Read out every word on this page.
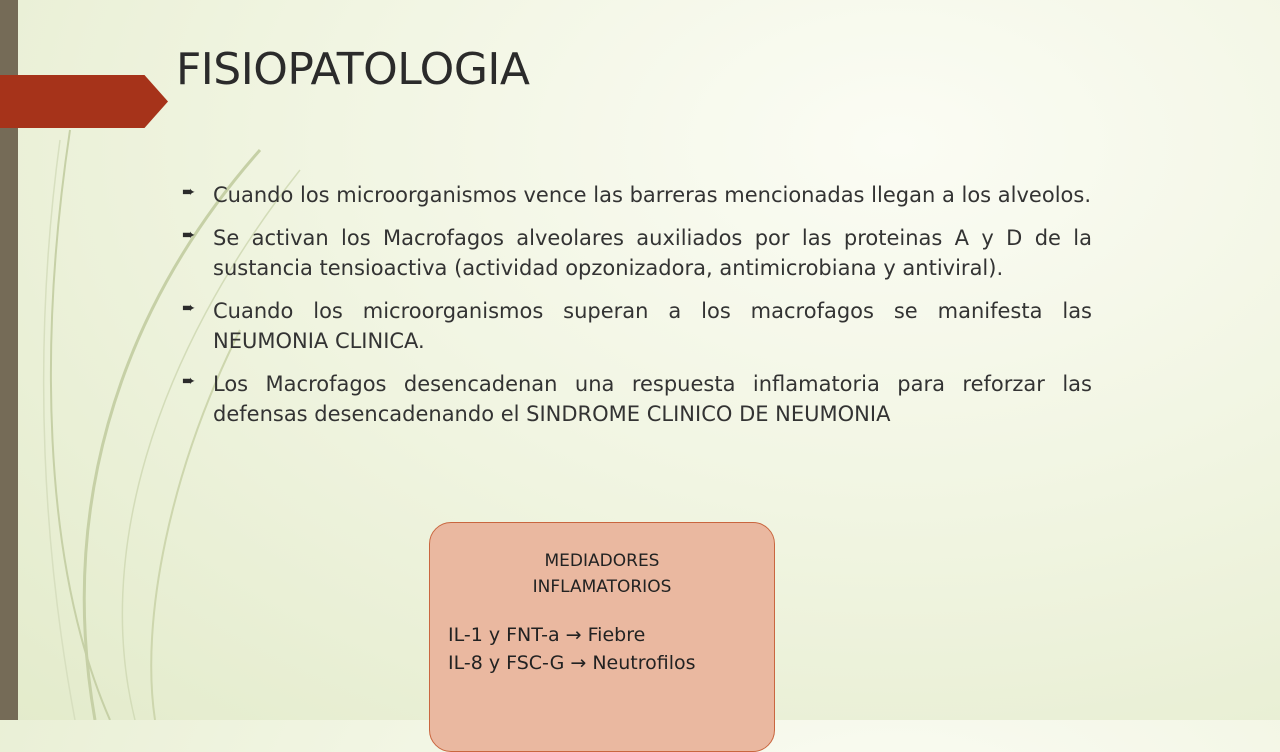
FISIOPATOLOGIA
➨ Cuando los microorganismos vence las barreras mencionadas llegan a los alveolos.
➨ Se activan los Macrofagos alveolares auxiliados por las proteinas A y D de la sustancia tensioactiva (actividad opzonizadora, antimicrobiana y antiviral).
➨ Cuando los microorganismos superan a los macrofagos se manifesta las NEUMONIA CLINICA.
➨ Los Macrofagos desencadenan una respuesta inflamatoria para reforzar las defensas desencadenando el SINDROME CLINICO DE NEUMONIA
MEDIADORES
INFLAMATORIOS
IL-1 y FNT-a → Fiebre
IL-8 y FSC-G → Neutrofilos
